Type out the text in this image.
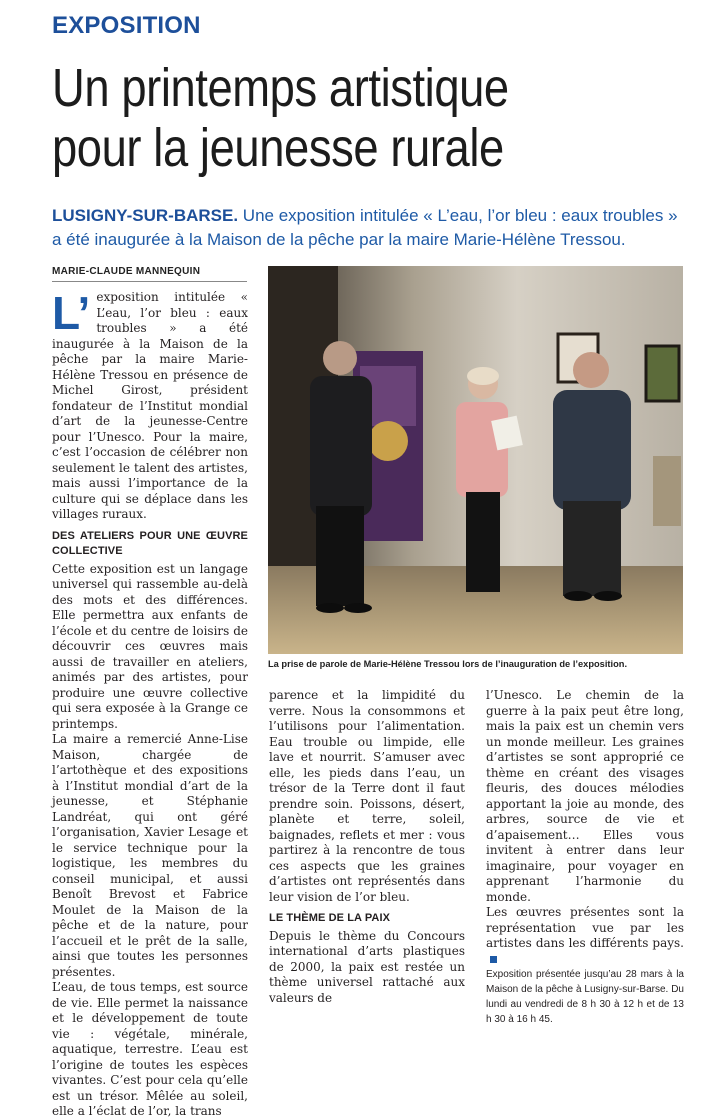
EXPOSITION
Un printemps artistique
pour la jeunesse rurale
LUSIGNY-SUR-BARSE. Une exposition intitulée « L’eau, l’or bleu : eaux troubles »
a été inaugurée à la Maison de la pêche par la maire Marie-Hélène Tressou.
MARIE-CLAUDE MANNEQUIN

L’ exposition intitulée « L’eau, l’or bleu : eaux troubles » a été inaugurée à la Maison de la pêche par la maire Marie-Hélène Tressou en présence de Michel Girost, président fondateur de l’Institut mondial d’art de la jeunesse-Centre pour l’Unesco. Pour la maire, c’est l’occasion de célébrer non seulement le talent des artistes, mais aussi l’importance de la culture qui se déplace dans les villages ruraux.

DES ATELIERS POUR UNE ŒUVRE COLLECTIVE

Cette exposition est un langage universel qui rassemble au-delà des mots et des différences. Elle permettra aux enfants de l’école et du centre de loisirs de découvrir ces œuvres mais aussi de travailler en ateliers, animés par des artistes, pour produire une œuvre collective qui sera exposée à la Grange ce printemps.

La maire a remercié Anne-Lise Maison, chargée de l’artothèque et des expositions à l’Institut mondial d’art de la jeunesse, et Stéphanie Landréat, qui ont géré l’organisation, Xavier Lesage et le service technique pour la logistique, les membres du conseil municipal, et aussi Benoît Brevost et Fabrice Moulet de la Maison de la pêche et de la nature, pour l’accueil et le prêt de la salle, ainsi que toutes les personnes présentes.

L’eau, de tous temps, est source de vie. Elle permet la naissance et le développement de toute vie : végétale, minérale, aquatique, terrestre. L’eau est l’origine de toutes les espèces vivantes. C’est pour cela qu’elle est un trésor. Mêlée au soleil, elle a l’éclat de l’or, la trans

La prise de parole de Marie-Hélène Tressou lors de l’inauguration de l’exposition.

parence et la limpidité du verre. Nous la consommons et l’utilisons pour l’alimentation. Eau trouble ou limpide, elle lave et nourrit. S’amuser avec elle, les pieds dans l’eau, un trésor de la Terre dont il faut prendre soin. Poissons, désert, planète et terre, soleil, baignades, reflets et mer : vous partirez à la rencontre de tous ces aspects que les graines d’artistes ont représentés dans leur vision de l’or bleu.

LE THÈME DE LA PAIX

Depuis le thème du Concours international d’arts plastiques de 2000, la paix est restée un thème universel rattaché aux valeurs de

l’Unesco. Le chemin de la guerre à la paix peut être long, mais la paix est un chemin vers un monde meilleur. Les graines d’artistes se sont approprié ce thème en créant des visages fleuris, des douces mélodies apportant la joie au monde, des arbres, source de vie et d’apaisement… Elles vous invitent à entrer dans leur imaginaire, pour voyager en apprenant l’harmonie du monde.

Les œuvres présentes sont la représentation vue par les artistes dans les différents pays.

Exposition présentée jusqu’au 28 mars à la Maison de la pêche à Lusigny-sur-Barse. Du lundi au vendredi de 8 h 30 à 12 h et de 13 h 30 à 16 h 45.
